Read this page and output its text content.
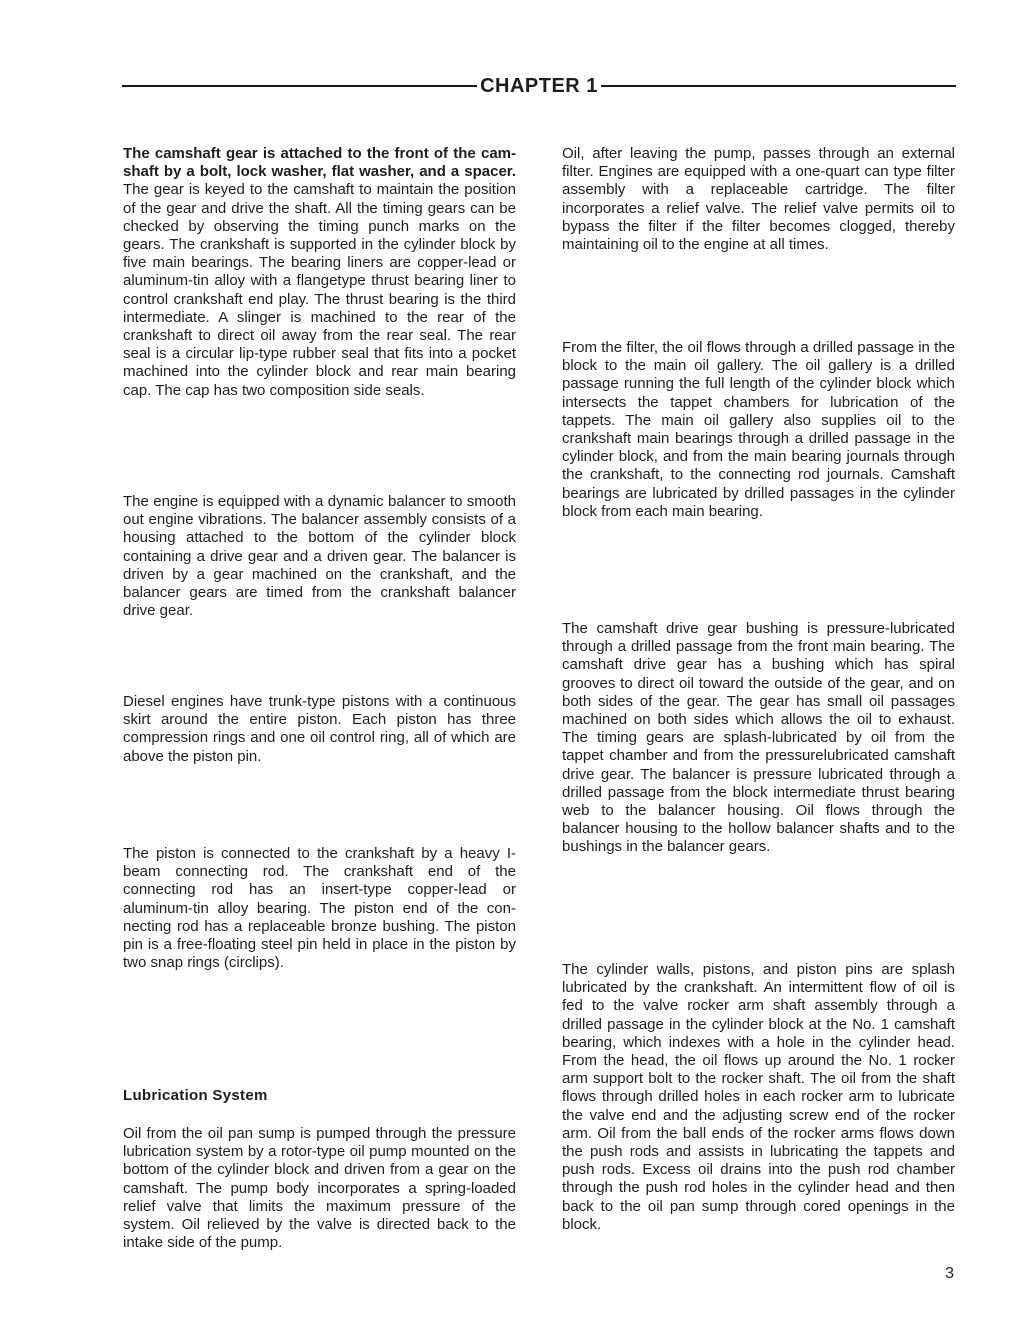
CHAPTER 1

The camshaft gear is attached to the front of the camshaft by a bolt, lock washer, flat washer, and a spacer. The gear is keyed to the camshaft to maintain the position of the gear and drive the shaft. All the timing gears can be checked by observing the timing punch marks on the gears. The crankshaft is supported in the cylinder block by five main bearings. The bearing liners are copper-lead or aluminum-tin alloy with a flangetype thrust bearing liner to control crankshaft end play. The thrust bearing is the third intermediate. A slinger is machined to the rear of the crankshaft to direct oil away from the rear seal. The rear seal is a circular lip-type rubber seal that fits into a pocket machined into the cylinder block and rear main bearing cap. The cap has two composition side seals.

The engine is equipped with a dynamic balancer to smooth out engine vibrations. The balancer assembly consists of a housing attached to the bottom of the cylinder block containing a drive gear and a driven gear. The balancer is driven by a gear machined on the crankshaft, and the balancer gears are timed from the crankshaft balancer drive gear.

Diesel engines have trunk-type pistons with a continuous skirt around the entire piston. Each piston has three compression rings and one oil control ring, all of which are above the piston pin.

The piston is connected to the crankshaft by a heavy I-beam connecting rod. The crankshaft end of the connecting rod has an insert-type copper-lead or aluminum-tin alloy bearing. The piston end of the connecting rod has a replaceable bronze bushing. The piston pin is a free-floating steel pin held in place in the piston by two snap rings (circlips).

Lubrication System

Oil from the oil pan sump is pumped through the pressure lubrication system by a rotor-type oil pump mounted on the bottom of the cylinder block and driven from a gear on the camshaft. The pump body incorporates a spring-loaded relief valve that limits the maximum pressure of the system. Oil relieved by the valve is directed back to the intake side of the pump.

Oil, after leaving the pump, passes through an external filter. Engines are equipped with a one-quart can type filter assembly with a replaceable cartridge. The filter incorporates a relief valve. The relief valve permits oil to bypass the filter if the filter becomes clogged, thereby maintaining oil to the engine at all times.

From the filter, the oil flows through a drilled passage in the block to the main oil gallery. The oil gallery is a drilled passage running the full length of the cylinder block which intersects the tappet chambers for lubrication of the tappets. The main oil gallery also supplies oil to the crankshaft main bearings through a drilled passage in the cylinder block, and from the main bearing journals through the crankshaft, to the connecting rod journals. Camshaft bearings are lubricated by drilled passages in the cylinder block from each main bearing.

The camshaft drive gear bushing is pressure-lubricated through a drilled passage from the front main bearing. The camshaft drive gear has a bushing which has spiral grooves to direct oil toward the outside of the gear, and on both sides of the gear. The gear has small oil passages machined on both sides which allows the oil to exhaust. The timing gears are splash-lubricated by oil from the tappet chamber and from the pressurelubricated camshaft drive gear. The balancer is pressure lubricated through a drilled passage from the block intermediate thrust bearing web to the balancer housing. Oil flows through the balancer housing to the hollow balancer shafts and to the bushings in the balancer gears.

The cylinder walls, pistons, and piston pins are splash lubricated by the crankshaft. An intermittent flow of oil is fed to the valve rocker arm shaft assembly through a drilled passage in the cylinder block at the No. 1 camshaft bearing, which indexes with a hole in the cylinder head. From the head, the oil flows up around the No. 1 rocker arm support bolt to the rocker shaft. The oil from the shaft flows through drilled holes in each rocker arm to lubricate the valve end and the adjusting screw end of the rocker arm. Oil from the ball ends of the rocker arms flows down the push rods and assists in lubricating the tappets and push rods. Excess oil drains into the push rod chamber through the push rod holes in the cylinder head and then back to the oil pan sump through cored openings in the block.

3
